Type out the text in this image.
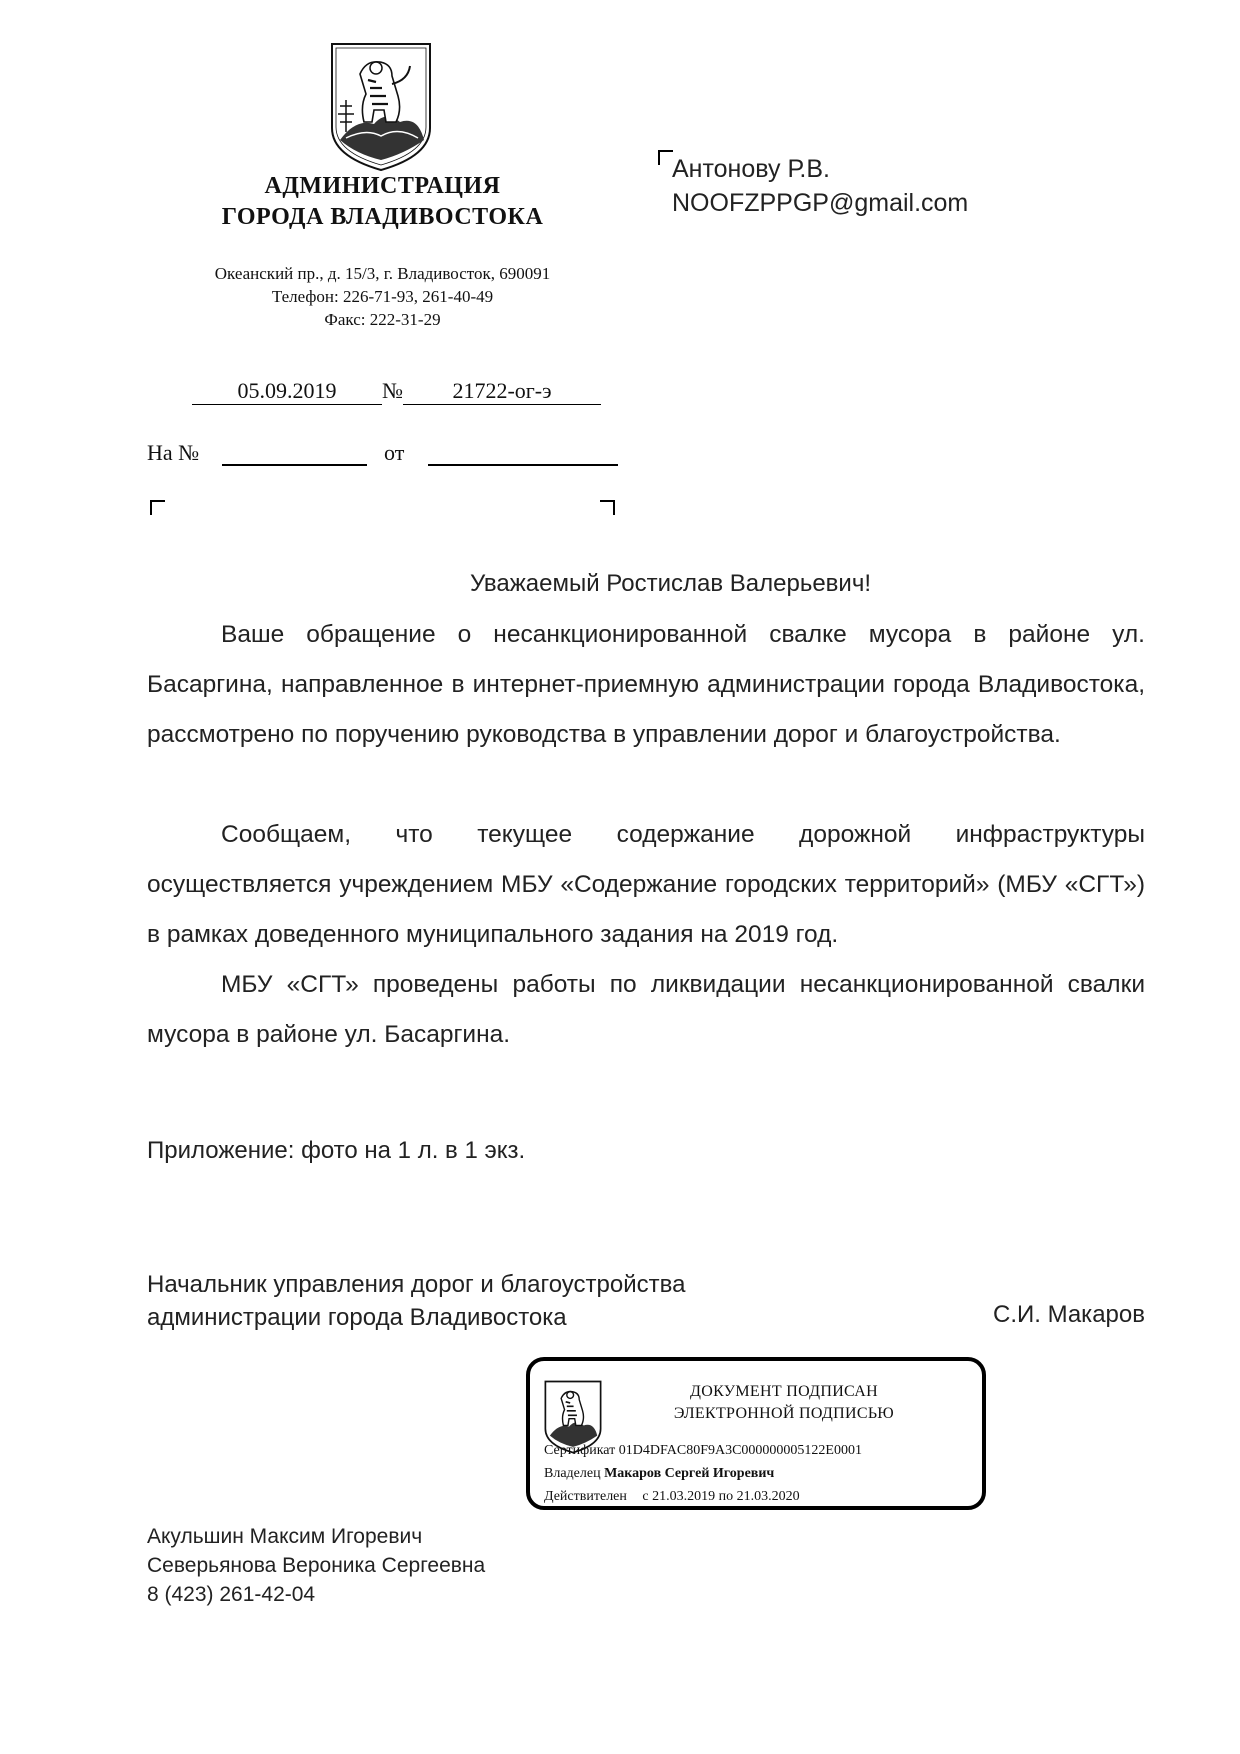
АДМИНИСТРАЦИЯ
ГОРОДА ВЛАДИВОСТОКА
Океанский пр., д. 15/3, г. Владивосток, 690091
Телефон: 226-71-93, 261-40-49
Факс: 222-31-29
Антонову Р.В.
NOOFZPPGP@gmail.com
05.09.2019 № 21722-ог-э
На №	от
Уважаемый Ростислав Валерьевич!

Ваше обращение о несанкционированной свалке мусора в районе ул. Басаргина, направленное в интернет-приемную администрации города Владивостока, рассмотрено по поручению руководства в управлении дорог и благоустройства.

Сообщаем, что текущее содержание дорожной инфраструктуры осуществляется учреждением МБУ «Содержание городских территорий» (МБУ «СГТ») в рамках доведенного муниципального задания на 2019 год.

МБУ «СГТ» проведены работы по ликвидации несанкционированной свалки мусора в районе ул. Басаргина.

Приложение: фото на 1 л. в 1 экз.
Начальник управления дорог и благоустройства
администрации города Владивостока	С.И. Макаров
ДОКУМЕНТ ПОДПИСАН
ЭЛЕКТРОННОЙ ПОДПИСЬЮ
Сертификат 01D4DFAC80F9A3C000000005122E0001
Владелец Макаров Сергей Игоревич
Действителен с 21.03.2019 по 21.03.2020
Акульшин Максим Игоревич
Северьянова Вероника Сергеевна
8 (423) 261-42-04
